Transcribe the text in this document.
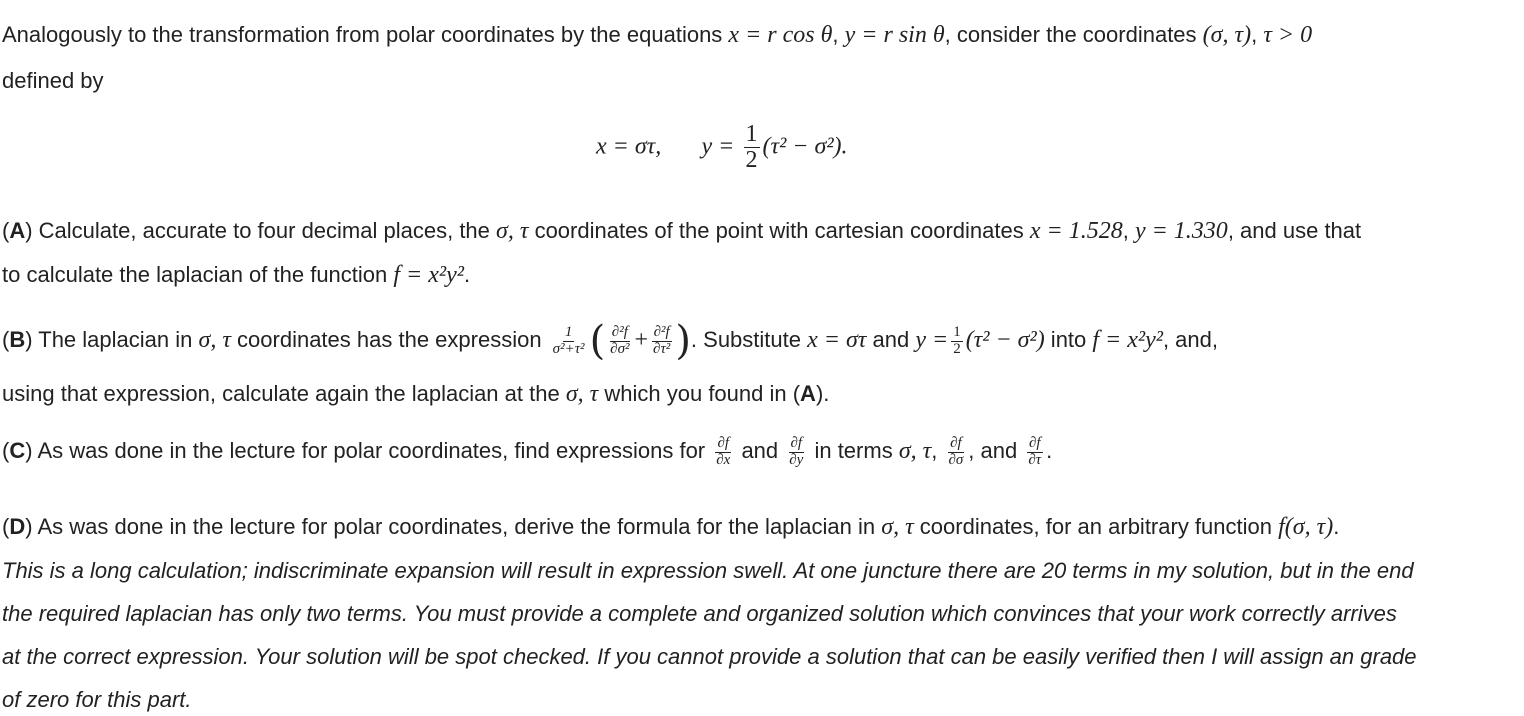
Analogously to the transformation from polar coordinates by the equations x = r cos θ, y = r sin θ, consider the coordinates (σ, τ), τ > 0
defined by
x = στ, $y = \frac{1}{2} (\tau^2 - \sigma^2)$.
(A) Calculate, accurate to four decimal places, the σ, τ coordinates of the point with cartesian coordinates x = 1.528, y = 1.330, and use that
to calculate the laplacian of the function f = x²y².
(B) The laplacian in σ, τ coordinates has the expression $\frac{1}{\text{σ²+τ²}}$ ( $\frac{\text{∂²f}}{\text{∂σ²}} + \frac{\text{∂²f}}{\text{∂τ²}}$ ). Substitute x = στ and $y = \frac{1}{2} (\tau^2 - \sigma^2)$ into f = x²y², and,
using that expression, calculate again the laplacian at the σ, τ which you found in (A).
(C) As was done in the lecture for polar coordinates, find expressions for $\frac{\partial f}{\partial x}$ and $\frac{\partial f}{\partial y}$ in terms σ, τ, $\frac{\partial f}{\partial\sigma}$ , and $\frac{\partial f}{\partial\tau}$ .
(D) As was done in the lecture for polar coordinates, derive the formula for the laplacian in σ, τ coordinates, for an arbitrary function f(σ, τ).
This is a long calculation; indiscriminate expansion will result in expression swell. At one juncture there are 20 terms in my solution, but in the end
the required laplacian has only two terms. You must provide a complete and organized solution which convinces that your work correctly arrives
at the correct expression. Your solution will be spot checked. If you cannot provide a solution that can be easily verified then I will assign an grade
of zero for this part.
